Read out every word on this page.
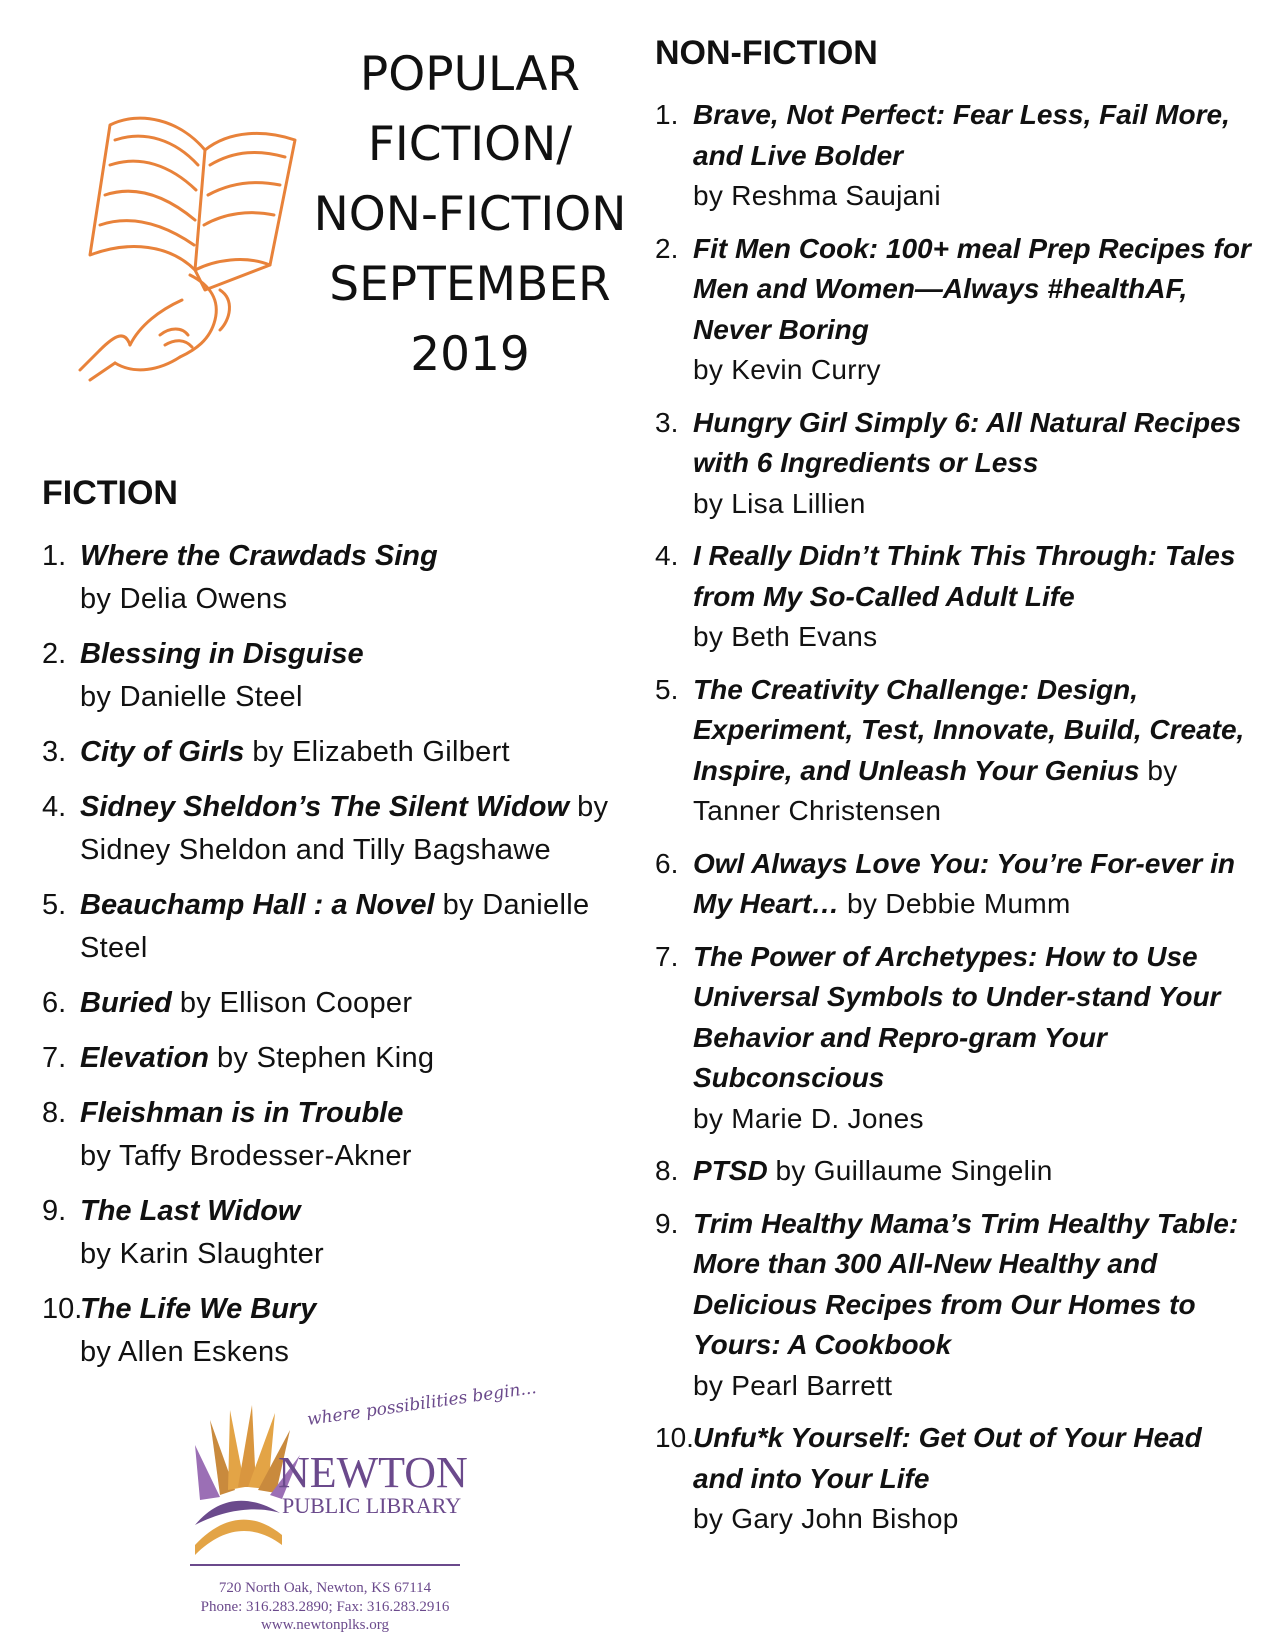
POPULAR
FICTION/
NON-FICTION
SEPTEMBER
2019
FICTION
1. Where the Crawdads Sing
by Delia Owens
2. Blessing in Disguise
by Danielle Steel
3. City of Girls by Elizabeth Gilbert
4. Sidney Sheldon’s The Silent Widow by Sidney Sheldon and Tilly Bagshawe
5. Beauchamp Hall : a Novel by Danielle Steel
6. Buried by Ellison Cooper
7. Elevation by Stephen King
8. Fleishman is in Trouble
by Taffy Brodesser-Akner
9. The Last Widow
by Karin Slaughter
10.
The Life We Bury
by Allen Eskens
NON-FICTION
1. Brave, Not Perfect: Fear Less, Fail More, and Live Bolder
by Reshma Saujani
2. Fit Men Cook: 100+ meal Prep Recipes for Men and Women—Always #healthAF, Never Boring
by Kevin Curry
3. Hungry Girl Simply 6: All Natural Recipes with 6 Ingredients or Less
by Lisa Lillien
4. I Really Didn’t Think This Through: Tales from My So-Called Adult Life
by Beth Evans
5. The Creativity Challenge: Design, Experiment, Test, Innovate, Build, Create, Inspire, and Unleash Your Genius by Tanner Christensen
6. Owl Always Love You: You’re For-ever in My Heart… by Debbie Mumm
7. The Power of Archetypes: How to Use Universal Symbols to Under-stand Your Behavior and Repro-gram Your Subconscious
by Marie D. Jones
8. PTSD by Guillaume Singelin
9. Trim Healthy Mama’s Trim Healthy Table: More than 300 All-New Healthy and Delicious Recipes from Our Homes to Yours: A Cookbook
by Pearl Barrett
10. Unfu*k Yourself: Get Out of Your Head and into Your Life
by Gary John Bishop
where possibilities begin...
NEWTON
PUBLIC LIBRARY
720 North Oak, Newton, KS 67114
Phone: 316.283.2890; Fax: 316.283.2916
www.newtonplks.org
